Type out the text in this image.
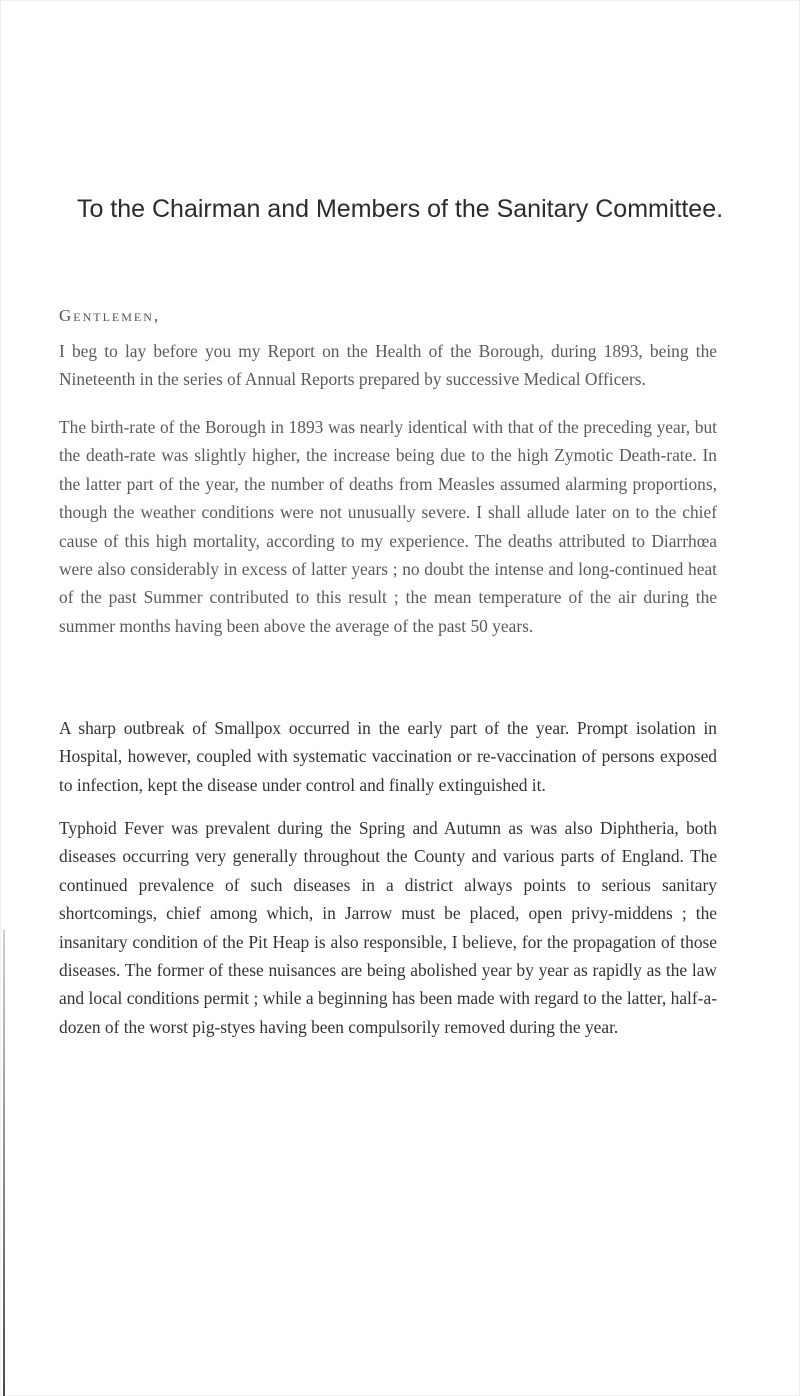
To the Chairman and Members of the Sanitary Committee.
Gentlemen,
I beg to lay before you my Report on the Health of the Borough, during 1893, being the Nineteenth in the series of Annual Reports prepared by successive Medical Officers.
The birth-rate of the Borough in 1893 was nearly identical with that of the preceding year, but the death-rate was slightly higher, the increase being due to the high Zymotic Death-rate. In the latter part of the year, the number of deaths from Measles assumed alarming proportions, though the weather conditions were not unusually severe. I shall allude later on to the chief cause of this high mortality, according to my experience. The deaths attributed to Diarrhœa were also considerably in excess of latter years ; no doubt the intense and long-continued heat of the past Summer contributed to this result ; the mean temperature of the air during the summer months having been above the average of the past 50 years.
A sharp outbreak of Smallpox occurred in the early part of the year. Prompt isolation in Hospital, however, coupled with systematic vaccination or re-vaccination of persons exposed to infection, kept the disease under control and finally extinguished it.
Typhoid Fever was prevalent during the Spring and Autumn as was also Diphtheria, both diseases occurring very generally throughout the County and various parts of England. The continued prevalence of such diseases in a district always points to serious sanitary shortcomings, chief among which, in Jarrow must be placed, open privy-middens ; the insanitary condition of the Pit Heap is also responsible, I believe, for the propagation of those diseases. The former of these nuisances are being abolished year by year as rapidly as the law and local conditions permit ; while a beginning has been made with regard to the latter, half-a-dozen of the worst pig-styes having been compulsorily removed during the year.
